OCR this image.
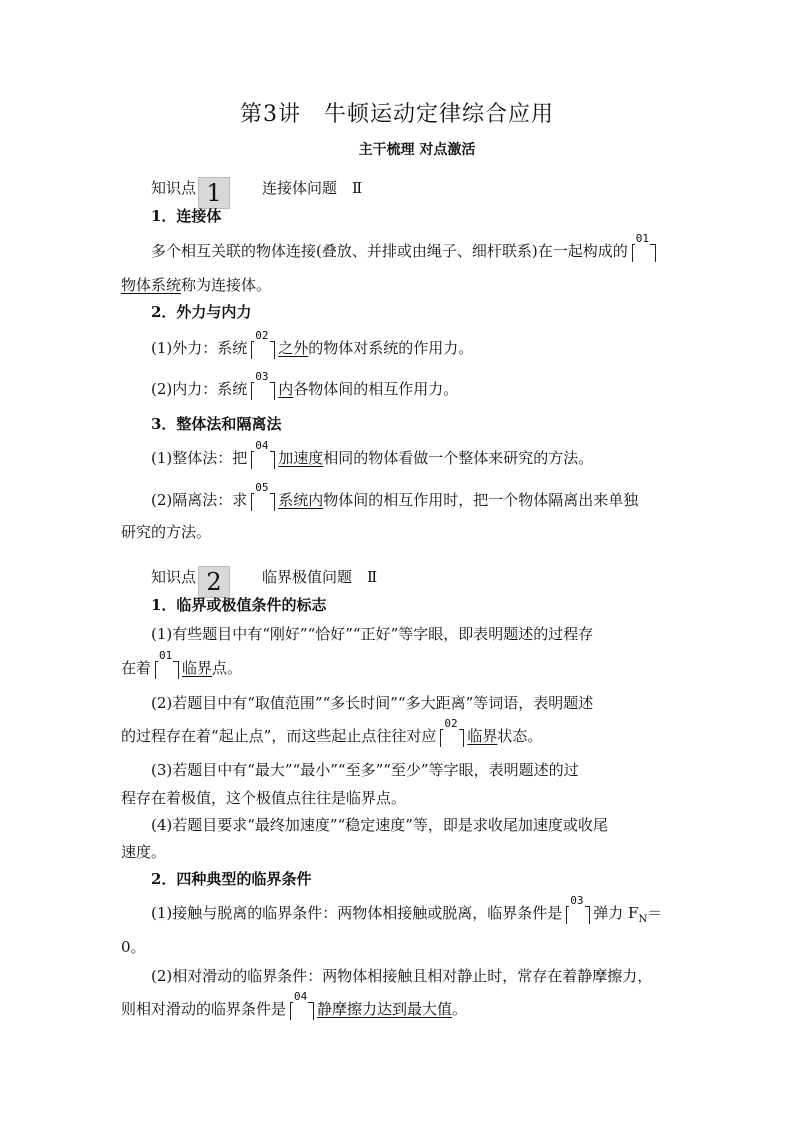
第3讲　牛顿运动定律综合应用
主干梳理 对点激活
知识点 1	连接体问题　 Ⅱ
1．连接体
多个相互关联的物体连接(叠放、并排或由绳子、细杆联系)在一起构成的
01
物体系统称为连接体。
2．外力与内力
(1)外力：系统
02
之外的物体对系统的作用力。
(2)内力：系统
03
内各物体间的相互作用力。
3．整体法和隔离法
(1)整体法：把
04
加速度相同的物体看做一个整体来研究的方法。
(2)隔离法：求
05
系统内物体间的相互作用时，把一个物体隔离出来单独
研究的方法。
知识点 2	临界极值问题　 Ⅱ
1．临界或极值条件的标志
(1)有些题目中有“刚好”“恰好”“正好”等字眼，即表明题述的过程存
在着
01
临界点。
(2)若题目中有“取值范围”“多长时间”“多大距离”等词语，表明题述
的过程存在着“起止点”，而这些起止点往往对应
02
临界状态。
(3)若题目中有“最大”“最小”“至多”“至少”等字眼，表明题述的过
程存在着极值，这个极值点往往是临界点。
(4)若题目要求“最终加速度”“稳定速度”等，即是求收尾加速度或收尾
速度。
2．四种典型的临界条件
(1)接触与脱离的临界条件：两物体相接触或脱离，临界条件是
03
弹力 $F_N=$
0。
(2)相对滑动的临界条件：两物体相接触且相对静止时，常存在着静摩擦力，
则相对滑动的临界条件是
04
静摩擦力达到最大值。
